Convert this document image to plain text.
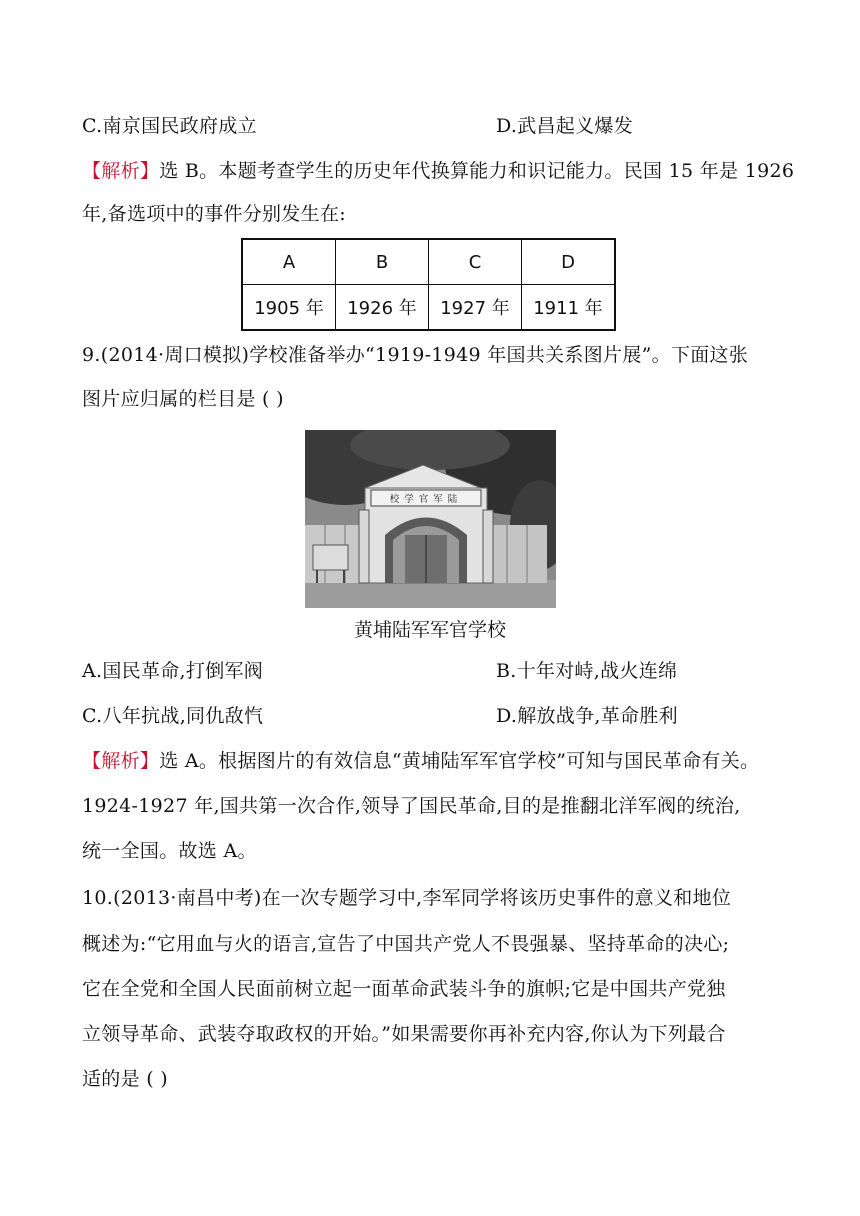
C.南京国民政府成立	D.武昌起义爆发
【解析】选 B。本题考查学生的历史年代换算能力和识记能力。民国 15 年是 1926
年,备选项中的事件分别发生在:
A	B	C	D
1905 年	1926 年	1927 年	1911 年
9.(2014·周口模拟)学校准备举办“1919-1949 年国共关系图片展”。下面这张
图片应归属的栏目是 ( )
校学官军陆
黄埔陆军军官学校
A.国民革命,打倒军阀	B.十年对峙,战火连绵
C.八年抗战,同仇敌忾	D.解放战争,革命胜利
【解析】选 A。根据图片的有效信息“黄埔陆军军官学校”可知与国民革命有关。
1924-1927 年,国共第一次合作,领导了国民革命,目的是推翻北洋军阀的统治,
统一全国。故选 A。
10.(2013·南昌中考)在一次专题学习中,李军同学将该历史事件的意义和地位
概述为:“它用血与火的语言,宣告了中国共产党人不畏强暴、坚持革命的决心;
它在全党和全国人民面前树立起一面革命武装斗争的旗帜;它是中国共产党独
立领导革命、武装夺取政权的开始。”如果需要你再补充内容,你认为下列最合
适的是 ( )
